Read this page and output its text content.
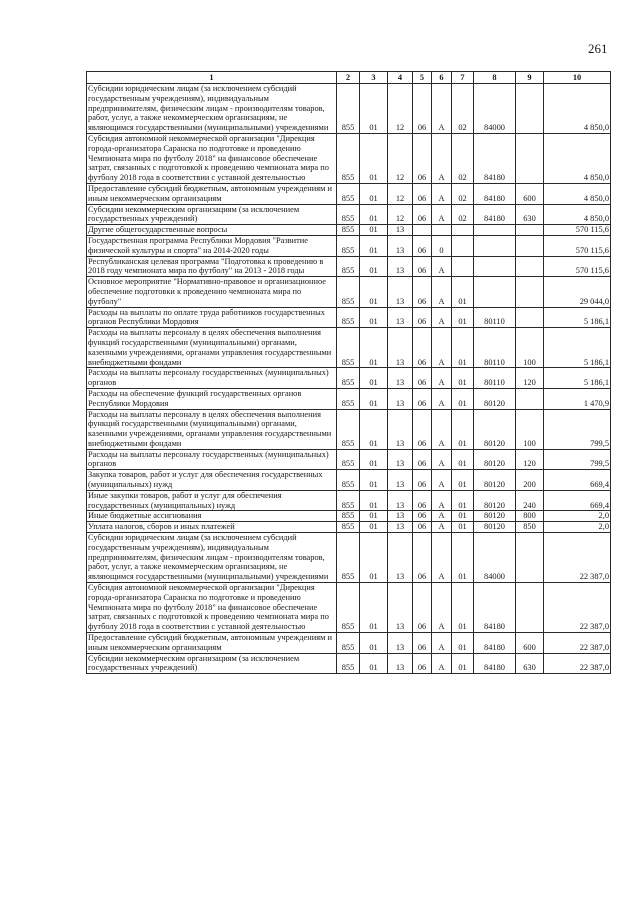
261
1	2	3	4	5	6	7	8	9	10
Субсидии юридическим лицам (за исключением субсидий государственным учреждениям), индивидуальным предпринимателям, физическим лицам - производителям товаров, работ, услуг, а также некоммерческим организациям, не являющимся государственными (муниципальными) учреждениями	855	01	12	06	А	02	84000		4 850,0
Субсидия автономной некоммерческой организации "Дирекция города-организатора Саранска по подготовке и проведению Чемпионата мира по футболу 2018" на финансовое обеспечение затрат, связанных с подготовкой к проведению чемпионата мира по футболу 2018 года в соответствии с уставной деятельностью	855	01	12	06	А	02	84180		4 850,0
Предоставление субсидий бюджетным, автономным учреждениям и иным некоммерческим организациям	855	01	12	06	А	02	84180	600	4 850,0
Субсидии некоммерческим организациям (за исключением государственных учреждений)	855	01	12	06	А	02	84180	630	4 850,0
Другие общегосударственные вопросы	855	01	13						570 115,6
Государственная программа Республики Мордовия "Развитие физической культуры и спорта" на 2014-2020 годы	855	01	13	06	0				570 115,6
Республиканская целевая программа "Подготовка к проведению в 2018 году чемпионата мира по футболу" на 2013 - 2018 годы	855	01	13	06	А				570 115,6
Основное мероприятие "Нормативно-правовое и организационное обеспечение подготовки к проведению чемпионата мира по футболу"	855	01	13	06	А	01			29 044,0
Расходы на выплаты по оплате труда работников государственных органов Республики Мордовия	855	01	13	06	А	01	80110		5 186,1
Расходы на выплаты персоналу в целях обеспечения выполнения функций государственными (муниципальными) органами, казенными учреждениями, органами управления государственными внебюджетными фондами	855	01	13	06	А	01	80110	100	5 186,1
Расходы на выплаты персоналу государственных (муниципальных) органов	855	01	13	06	А	01	80110	120	5 186,1
Расходы на обеспечение функций государственных органов Республики Мордовия	855	01	13	06	А	01	80120		1 470,9
Расходы на выплаты персоналу в целях обеспечения выполнения функций государственными (муниципальными) органами, казенными учреждениями, органами управления государственными внебюджетными фондами	855	01	13	06	А	01	80120	100	799,5
Расходы на выплаты персоналу государственных (муниципальных) органов	855	01	13	06	А	01	80120	120	799,5
Закупка товаров, работ и услуг для обеспечения государственных (муниципальных) нужд	855	01	13	06	А	01	80120	200	669,4
Иные закупки товаров, работ и услуг для обеспечения государственных (муниципальных) нужд	855	01	13	06	А	01	80120	240	669,4
Иные бюджетные ассигнования	855	01	13	06	А	01	80120	800	2,0
Уплата налогов, сборов и иных платежей	855	01	13	06	А	01	80120	850	2,0
Субсидии юридическим лицам (за исключением субсидий государственным учреждениям), индивидуальным предпринимателям, физическим лицам - производителям товаров, работ, услуг, а также некоммерческим организациям, не являющимся государственными (муниципальными) учреждениями	855	01	13	06	А	01	84000		22 387,0
Субсидия автономной некоммерческой организации "Дирекция города-организатора Саранска по подготовке и проведению Чемпионата мира по футболу 2018" на финансовое обеспечение затрат, связанных с подготовкой к проведению чемпионата мира по футболу 2018 года в соответствии с уставной деятельностью	855	01	13	06	А	01	84180		22 387,0
Предоставление субсидий бюджетным, автономным учреждениям и иным некоммерческим организациям	855	01	13	06	А	01	84180	600	22 387,0
Субсидии некоммерческим организациям (за исключением государственных учреждений)	855	01	13	06	А	01	84180	630	22 387,0
